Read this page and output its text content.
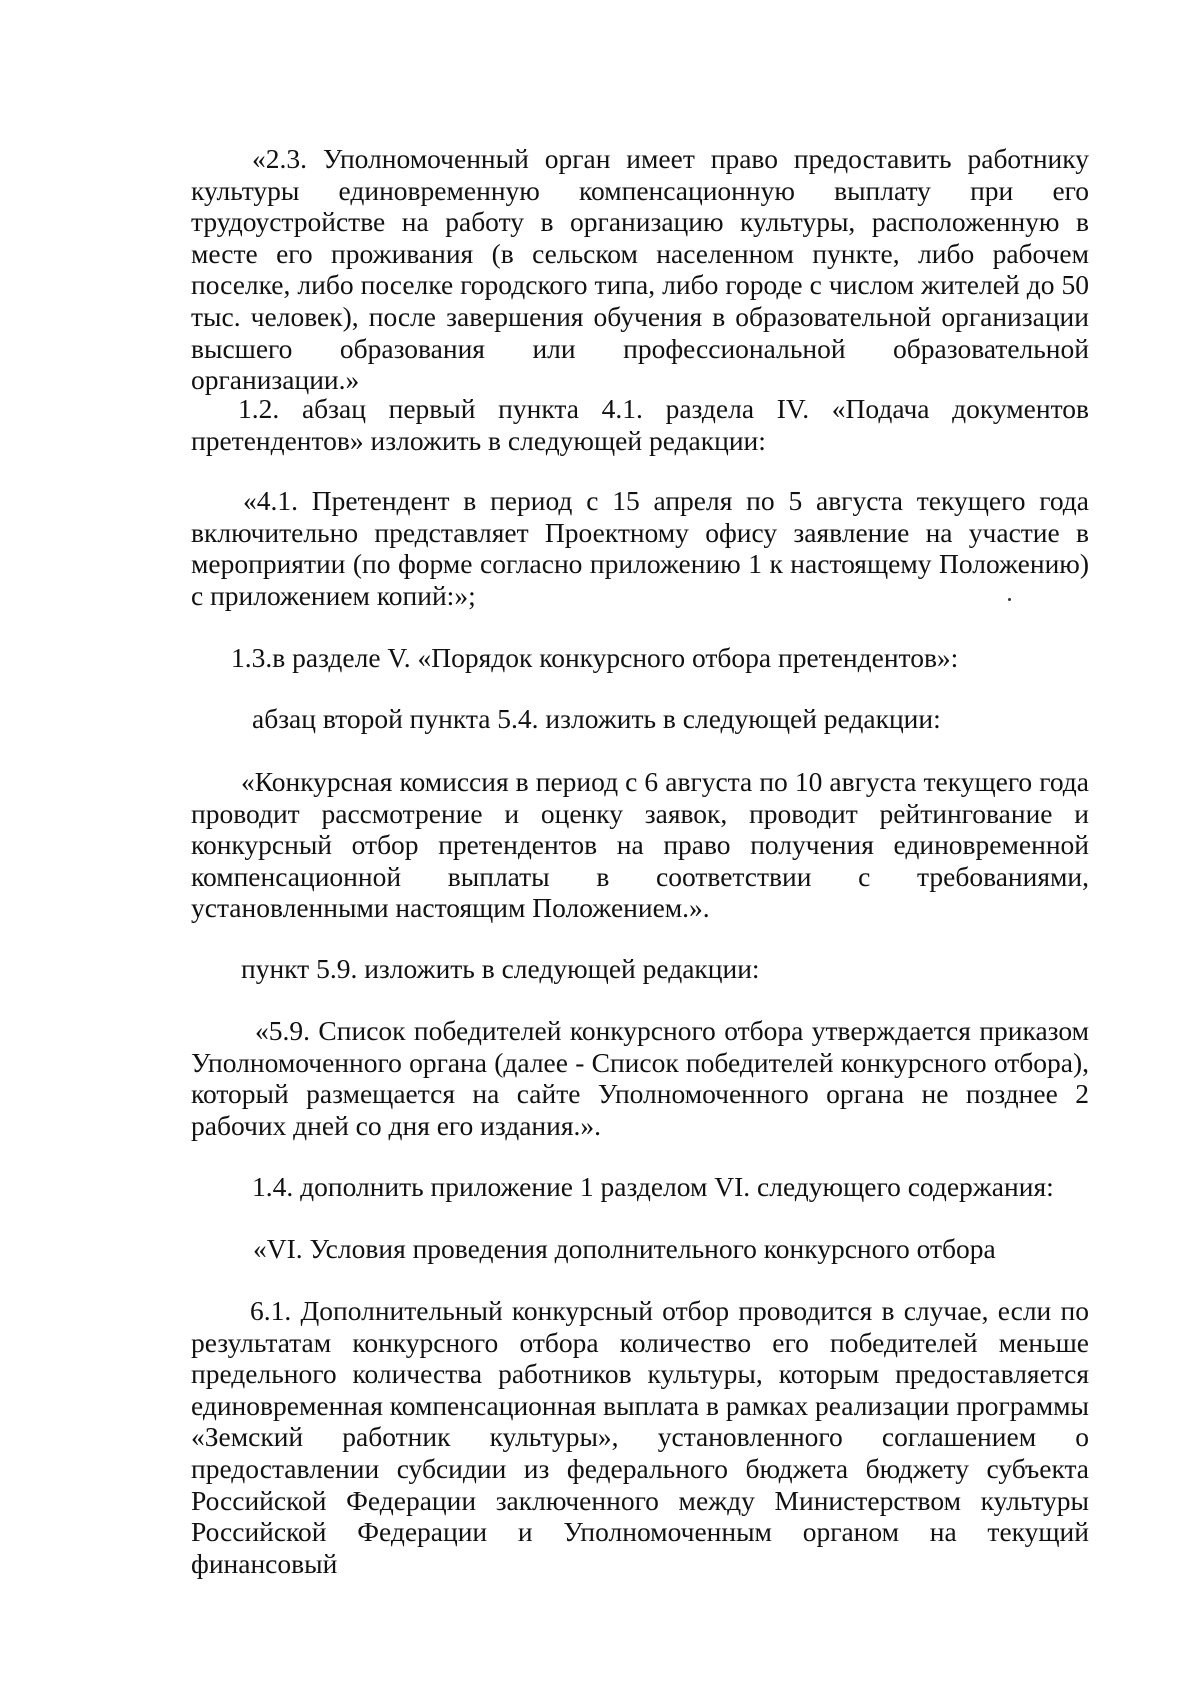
«2.3. Уполномоченный орган имеет право предоставить работнику культуры единовременную компенсационную выплату при его трудоустройстве на работу в организацию культуры, расположенную в месте его проживания (в сельском населенном пункте, либо рабочем поселке, либо поселке городского типа, либо городе с числом жителей до 50 тыс. человек), после завершения обучения в образовательной организации высшего образования или профессиональной образовательной организации.»

1.2. абзац первый пункта 4.1. раздела IV. «Подача документов претендентов» изложить в следующей редакции:

«4.1. Претендент в период с 15 апреля по 5 августа текущего года включительно представляет Проектному офису заявление на участие в мероприятии (по форме согласно приложению 1 к настоящему Положению) с приложением копий:»;

1.3.в разделе V. «Порядок конкурсного отбора претендентов»:

абзац второй пункта 5.4. изложить в следующей редакции:

«Конкурсная комиссия в период с 6 августа по 10 августа текущего года проводит рассмотрение и оценку заявок, проводит рейтингование и конкурсный отбор претендентов на право получения единовременной компенсационной выплаты в соответствии с требованиями, установленными настоящим Положением.».

пункт 5.9. изложить в следующей редакции:

«5.9. Список победителей конкурсного отбора утверждается приказом Уполномоченного органа (далее - Список победителей конкурсного отбора), который размещается на сайте Уполномоченного органа не позднее 2 рабочих дней со дня его издания.».

1.4. дополнить приложение 1 разделом VI. следующего содержания:

«VI. Условия проведения дополнительного конкурсного отбора

6.1. Дополнительный конкурсный отбор проводится в случае, если по результатам конкурсного отбора количество его победителей меньше предельного количества работников культуры, которым предоставляется единовременная компенсационная выплата в рамках реализации программы «Земский работник культуры», установленного соглашением о предоставлении субсидии из федерального бюджета бюджету субъекта Российской Федерации заключенного между Министерством культуры Российской Федерации и Уполномоченным органом на текущий финансовый
